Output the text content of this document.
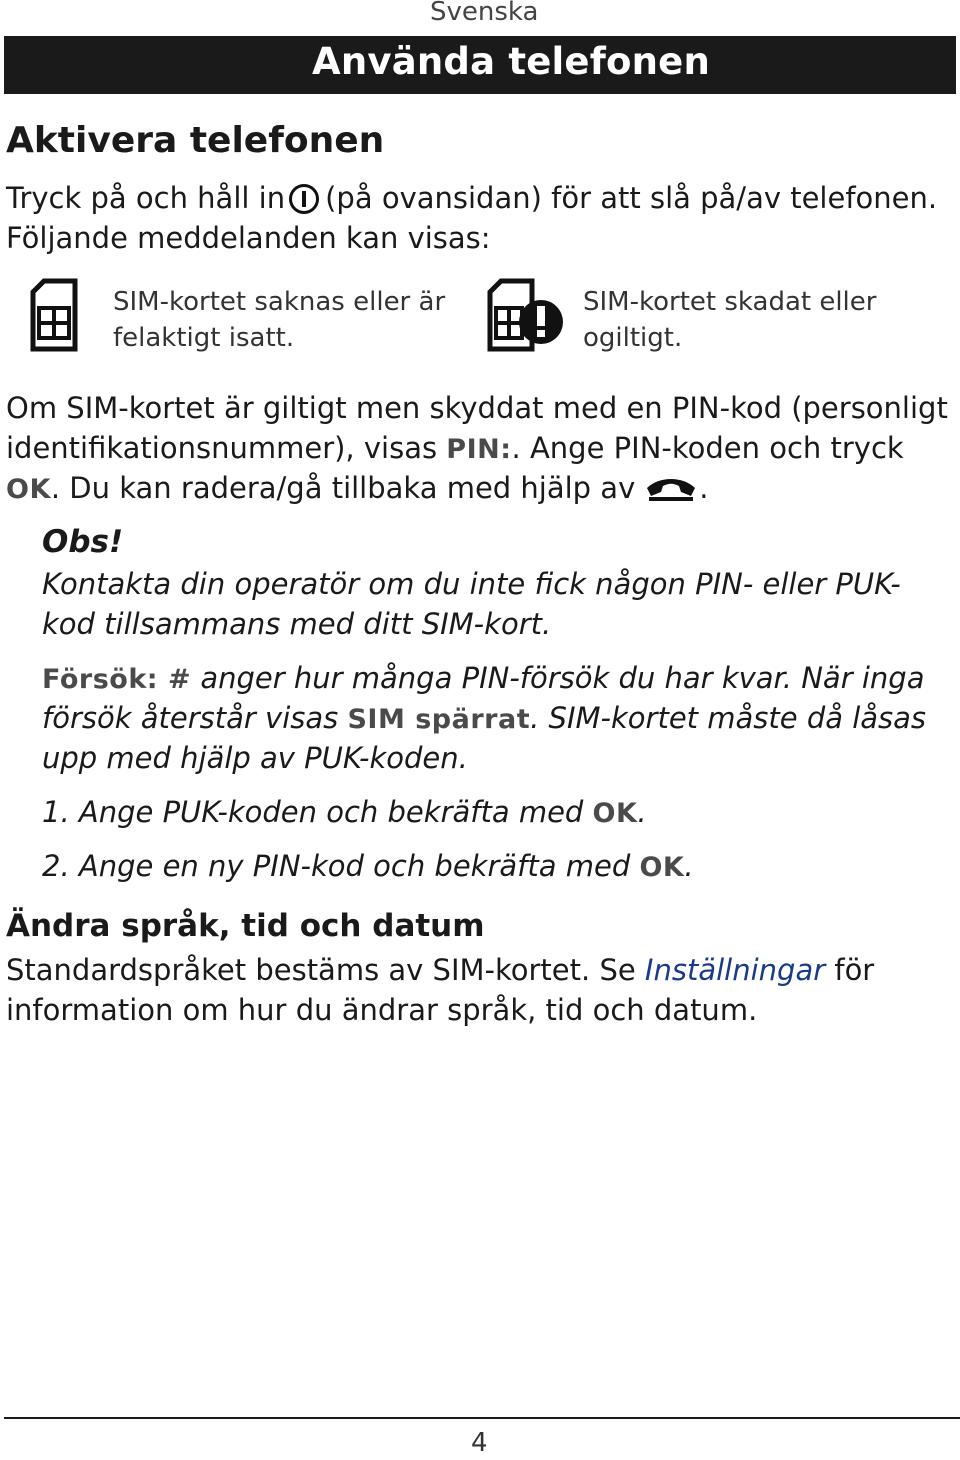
Svenska
Använda telefonen
Aktivera telefonen
Tryck på och håll in (på ovansidan) för att slå på/av telefonen.
Följande meddelanden kan visas:
SIM-kortet saknas eller är
felaktigt isatt.
SIM-kortet skadat eller
ogiltigt.
Om SIM-kortet är giltigt men skyddat med en PIN-kod (personligt
identifikationsnummer), visas PIN:. Ange PIN-koden och tryck
OK. Du kan radera/gå tillbaka med hjälp av .
Obs!
Kontakta din operatör om du inte fick någon PIN- eller PUK-
kod tillsammans med ditt SIM-kort.
Försök: # anger hur många PIN-försök du har kvar. När inga
försök återstår visas SIM spärrat. SIM-kortet måste då låsas
upp med hjälp av PUK-koden.
1. Ange PUK-koden och bekräfta med OK.
2. Ange en ny PIN-kod och bekräfta med OK.
Ändra språk, tid och datum
Standardspråket bestäms av SIM-kortet. Se Inställningar för
information om hur du ändrar språk, tid och datum.
4
